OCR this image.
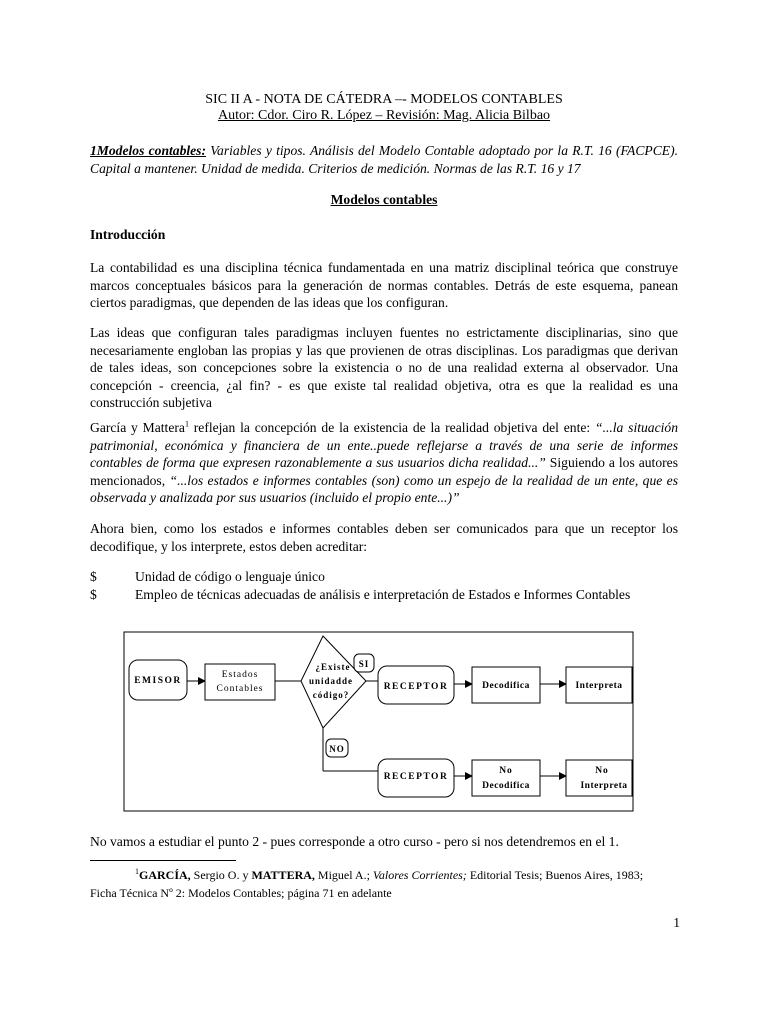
SIC II A - NOTA DE CÁTEDRA –- MODELOS CONTABLES
Autor: Cdor. Ciro R. López – Revisión: Mag. Alicia Bilbao
1Modelos contables: Variables y tipos. Análisis del Modelo Contable adoptado por la R.T. 16 (FACPCE). Capital a mantener. Unidad de medida. Criterios de medición. Normas de las R.T. 16 y 17
Modelos contables
Introducción

La contabilidad es una disciplina técnica fundamentada en una matriz disciplinal teórica que construye marcos conceptuales básicos para la generación de normas contables. Detrás de este esquema, panean ciertos paradigmas, que dependen de las ideas que los configuran.

Las ideas que configuran tales paradigmas incluyen fuentes no estrictamente disciplinarias, sino que necesariamente engloban las propias y las que provienen de otras disciplinas. Los paradigmas que derivan de tales ideas, son concepciones sobre la existencia o no de una realidad externa al observador. Una concepción - creencia, ¿al fin? - es que existe tal realidad objetiva, otra es que la realidad es una construcción subjetiva

García y Mattera$^1$ reflejan la concepción de la existencia de la realidad objetiva del ente: “...la situación patrimonial, económica y financiera de un ente..puede reflejarse a través de una serie de informes contables de forma que expresen razonablemente a sus usuarios dicha realidad...” Siguiendo a los autores mencionados, “...los estados e informes contables (son) como un espejo de la realidad de un ente, que es observada y analizada por sus usuarios (incluido el propio ente...)”

Ahora bien, como los estados e informes contables deben ser comunicados para que un receptor los decodifique, y los interprete, estos deben acreditar:

$	Unidad de código o lenguaje único
$	Empleo de técnicas adecuadas de análisis e interpretación de Estados e Informes Contables
EMISOR
Estados
Contables
¿Existe
unidadde
código?
SI
RECEPTOR	Decodifica	Interpreta
NO
RECEPTOR
No
Decodifica
No
Interpreta

No vamos a estudiar el punto 2 - pues corresponde a otro curso - pero si nos detendremos en el 1.

$^1$GARCÍA, Sergio O. y MATTERA, Miguel A.; Valores Corrientes; Editorial Tesis; Buenos Aires, 1983;
Ficha Técnica Nº 2: Modelos Contables; página 71 en adelante
1
